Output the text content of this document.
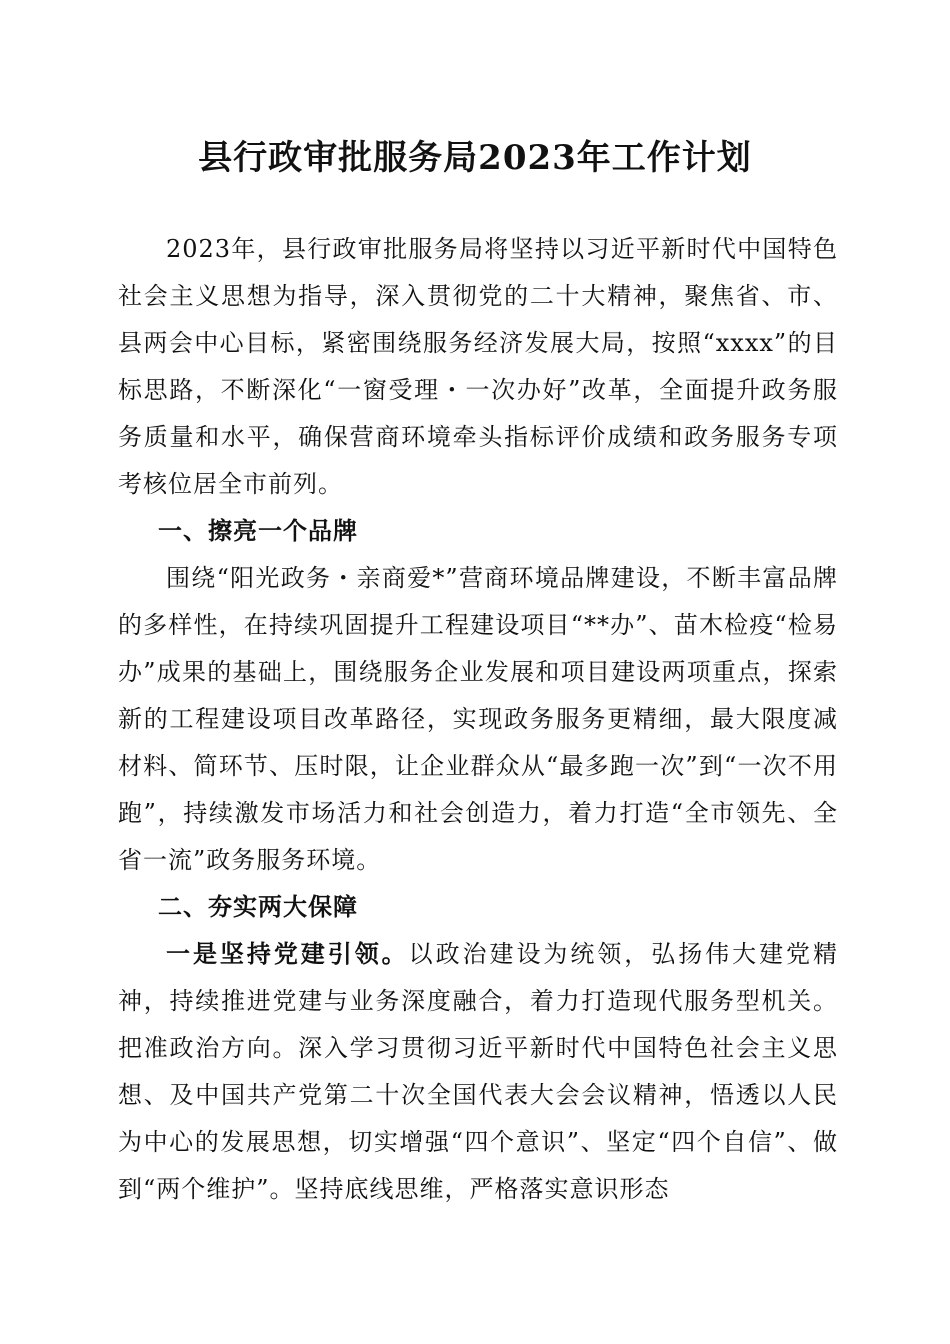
县行政审批服务局2023年工作计划

2023年，县行政审批服务局将坚持以习近平新时代中国特色社会主义思想为指导，深入贯彻党的二十大精神，聚焦省、市、县两会中心目标，紧密围绕服务经济发展大局，按照“xxxx”的目标思路，不断深化“一窗受理・一次办好”改革，全面提升政务服务质量和水平，确保营商环境牵头指标评价成绩和政务服务专项考核位居全市前列。

一、擦亮一个品牌

围绕“阳光政务・亲商爱*”营商环境品牌建设，不断丰富品牌的多样性，在持续巩固提升工程建设项目“**办”、苗木检疫“检易办”成果的基础上，围绕服务企业发展和项目建设两项重点，探索新的工程建设项目改革路径，实现政务服务更精细，最大限度减材料、简环节、压时限，让企业群众从“最多跑一次”到“一次不用跑”，持续激发市场活力和社会创造力，着力打造“全市领先、全省一流”政务服务环境。

二、夯实两大保障

一是坚持党建引领。以政治建设为统领，弘扬伟大建党精神，持续推进党建与业务深度融合，着力打造现代服务型机关。把准政治方向。深入学习贯彻习近平新时代中国特色社会主义思想、及中国共产党第二十次全国代表大会会议精神，悟透以人民为中心的发展思想，切实增强“四个意识”、坚定“四个自信”、做到“两个维护”。坚持底线思维，严格落实意识形态
